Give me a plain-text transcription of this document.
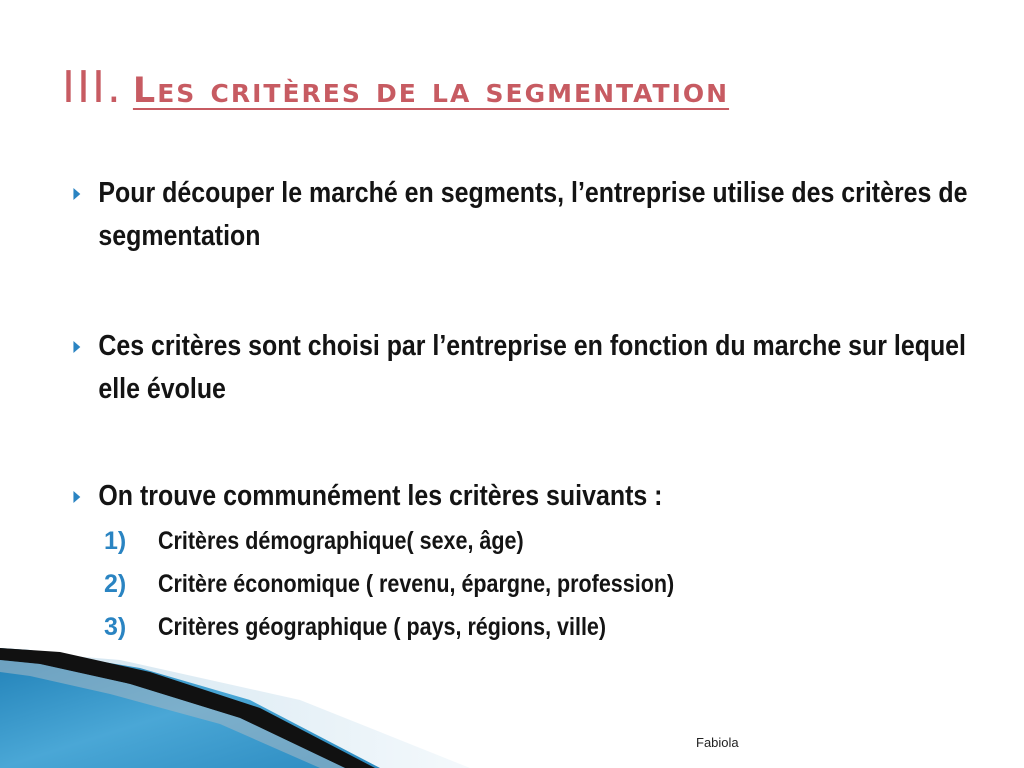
III. Les critères de la segmentation

Pour découper le marché en segments, l’entreprise utilise des critères de segmentation

Ces critères sont choisi par l’entreprise en fonction du marche sur lequel elle évolue

On trouve communément les critères suivants :

1) Critères démographique( sexe, âge)
2) Critère économique ( revenu, épargne, profession)
3) Critères géographique ( pays, régions, ville)
Fabiola
